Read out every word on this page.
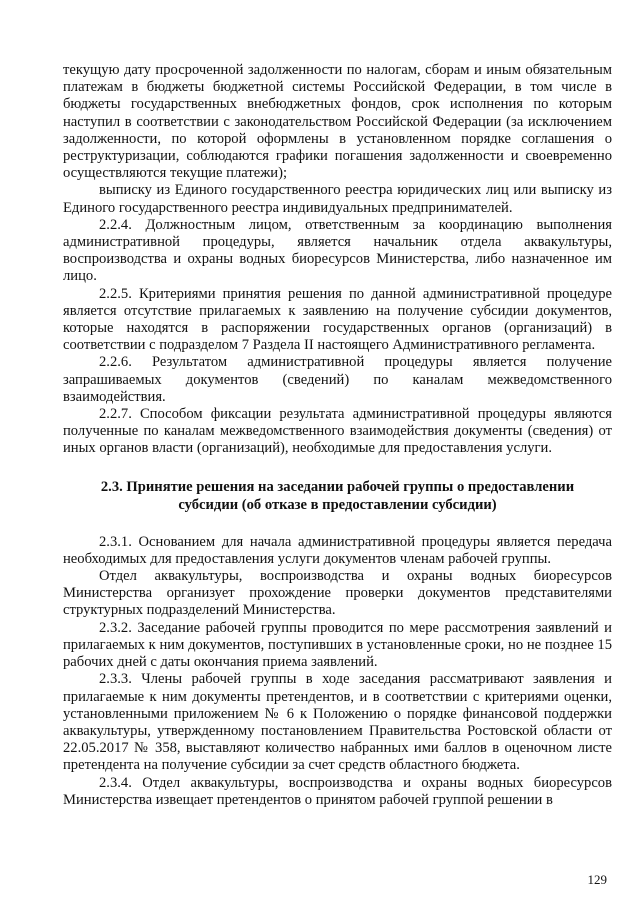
текущую дату просроченной задолженности по налогам, сборам и иным обязательным платежам в бюджеты бюджетной системы Российской Федерации, в том числе в бюджеты государственных внебюджетных фондов, срок исполнения по которым наступил в соответствии с законодательством Российской Федерации (за исключением задолженности, по которой оформлены в установленном порядке соглашения о реструктуризации, соблюдаются графики погашения задолженности и своевременно осуществляются текущие платежи);

выписку из Единого государственного реестра юридических лиц или выписку из Единого государственного реестра индивидуальных предпринимателей.

2.2.4. Должностным лицом, ответственным за координацию выполнения административной процедуры, является начальник отдела аквакультуры, воспроизводства и охраны водных биоресурсов Министерства, либо назначенное им лицо.

2.2.5. Критериями принятия решения по данной административной процедуре является отсутствие прилагаемых к заявлению на получение субсидии документов, которые находятся в распоряжении государственных органов (организаций) в соответствии с подразделом 7 Раздела II настоящего Административного регламента.

2.2.6. Результатом административной процедуры является получение запрашиваемых документов (сведений) по каналам межведомственного взаимодействия.

2.2.7. Способом фиксации результата административной процедуры являются полученные по каналам межведомственного взаимодействия документы (сведения) от иных органов власти (организаций), необходимые для предоставления услуги.

2.3. Принятие решения на заседании рабочей группы о предоставлении
субсидии (об отказе в предоставлении субсидии)

2.3.1. Основанием для начала административной процедуры является передача необходимых для предоставления услуги документов членам рабочей группы.

Отдел аквакультуры, воспроизводства и охраны водных биоресурсов Министерства организует прохождение проверки документов представителями структурных подразделений Министерства.

2.3.2. Заседание рабочей группы проводится по мере рассмотрения заявлений и прилагаемых к ним документов, поступивших в установленные сроки, но не позднее 15 рабочих дней с даты окончания приема заявлений.

2.3.3. Члены рабочей группы в ходе заседания рассматривают заявления и прилагаемые к ним документы претендентов, и в соответствии с критериями оценки, установленными приложением № 6 к Положению о порядке финансовой поддержки аквакультуры, утвержденному постановлением Правительства Ростовской области от 22.05.2017 № 358, выставляют количество набранных ими баллов в оценочном листе претендента на получение субсидии за счет средств областного бюджета.

2.3.4. Отдел аквакультуры, воспроизводства и охраны водных биоресурсов Министерства извещает претендентов о принятом рабочей группой решении в

129
